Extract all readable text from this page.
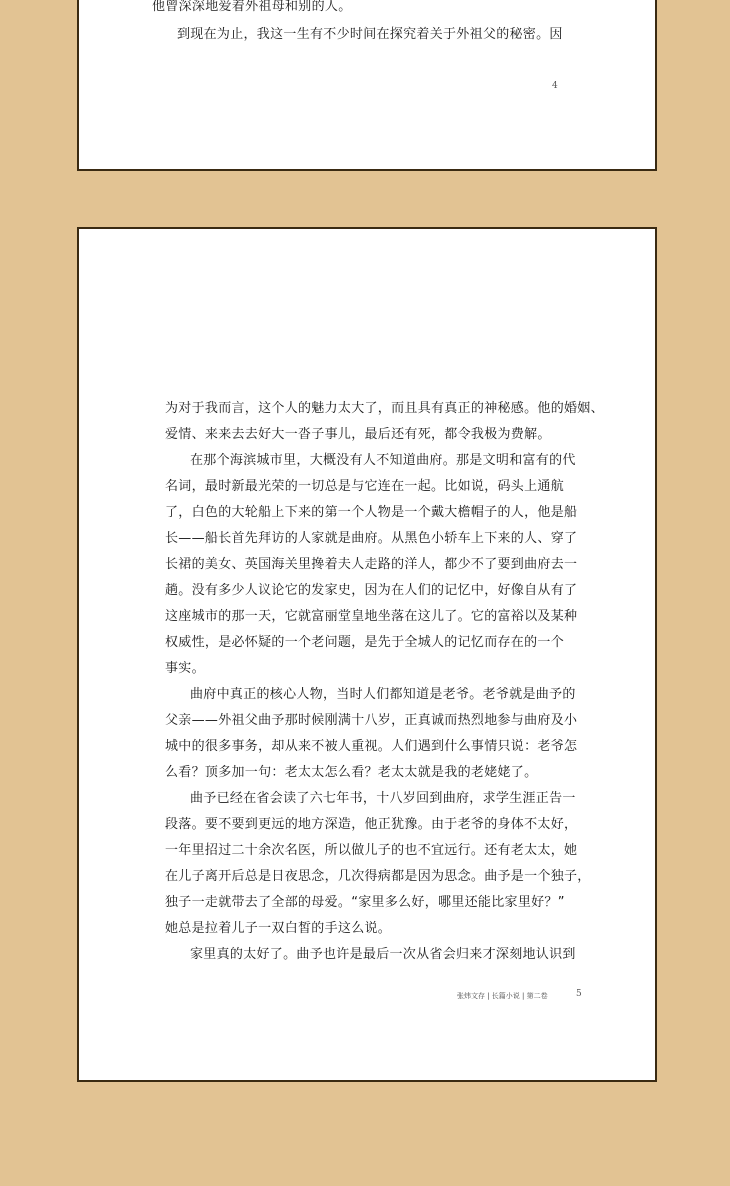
他曾深深地爱着外祖母和别的人。
到现在为止，我这一生有不少时间在探究着关于外祖父的秘密。因
4
为对于我而言，这个人的魅力太大了，而且具有真正的神秘感。他的婚姻、
爱情、来来去去好大一沓子事儿，最后还有死，都令我极为费解。
在那个海滨城市里，大概没有人不知道曲府。那是文明和富有的代
名词，最时新最光荣的一切总是与它连在一起。比如说，码头上通航
了，白色的大轮船上下来的第一个人物是一个戴大檐帽子的人，他是船
长——船长首先拜访的人家就是曲府。从黑色小轿车上下来的人、穿了
长裙的美女、英国海关里搀着夫人走路的洋人，都少不了要到曲府去一
趟。没有多少人议论它的发家史，因为在人们的记忆中，好像自从有了
这座城市的那一天，它就富丽堂皇地坐落在这儿了。它的富裕以及某种
权威性，是必怀疑的一个老问题，是先于全城人的记忆而存在的一个
事实。
曲府中真正的核心人物，当时人们都知道是老爷。老爷就是曲予的
父亲——外祖父曲予那时候刚满十八岁，正真诚而热烈地参与曲府及小
城中的很多事务，却从来不被人重视。人们遇到什么事情只说：老爷怎
么看？顶多加一句：老太太怎么看？老太太就是我的老姥姥了。
曲予已经在省会读了六七年书，十八岁回到曲府，求学生涯正告一
段落。要不要到更远的地方深造，他正犹豫。由于老爷的身体不太好，
一年里招过二十余次名医，所以做儿子的也不宜远行。还有老太太，她
在儿子离开后总是日夜思念，几次得病都是因为思念。曲予是一个独子，
独子一走就带去了全部的母爱。“家里多么好，哪里还能比家里好？”
她总是拉着儿子一双白皙的手这么说。
家里真的太好了。曲予也许是最后一次从省会归来才深刻地认识到
张炜文存 | 长篇小说 | 第二卷	5
